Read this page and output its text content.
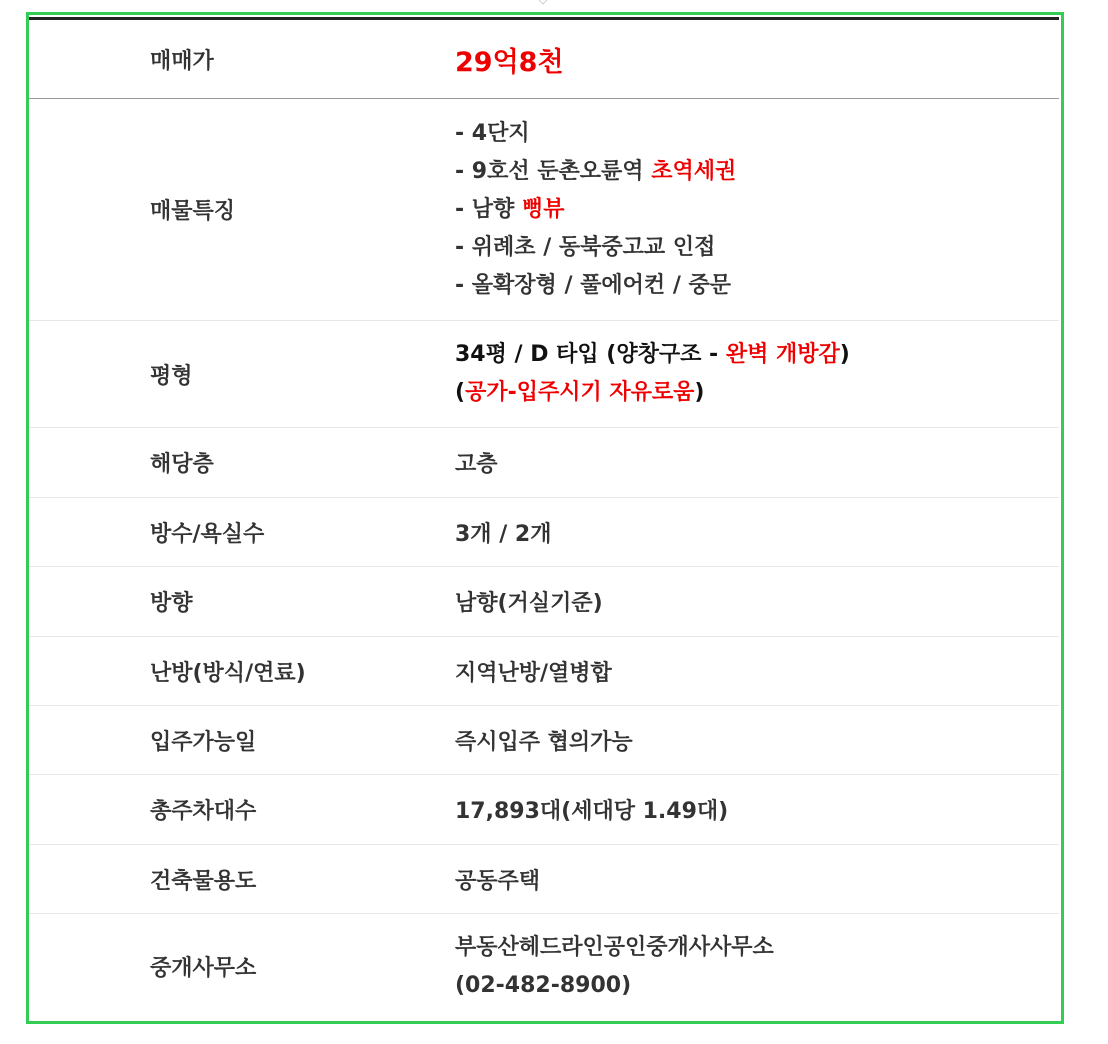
매매가	29억8천
매물특징	- 4단지
- 9호선 둔촌오륜역 초역세권
- 남향 뻥뷰
- 위례초 / 동북중고교 인접
- 올확장형 / 풀에어컨 / 중문

평형	34평 / D 타입 (양창구조 - 완벽 개방감)
(공가-입주시기 자유로움)

해당층	고층
방수/욕실수	3개 / 2개
방향	남향(거실기준)
난방(방식/연료)	지역난방/열병합
입주가능일	즉시입주 협의가능
총주차대수	17,893대(세대당 1.49대)
건축물용도	공동주택
중개사무소	부동산헤드라인공인중개사사무소
(02-482-8900)
